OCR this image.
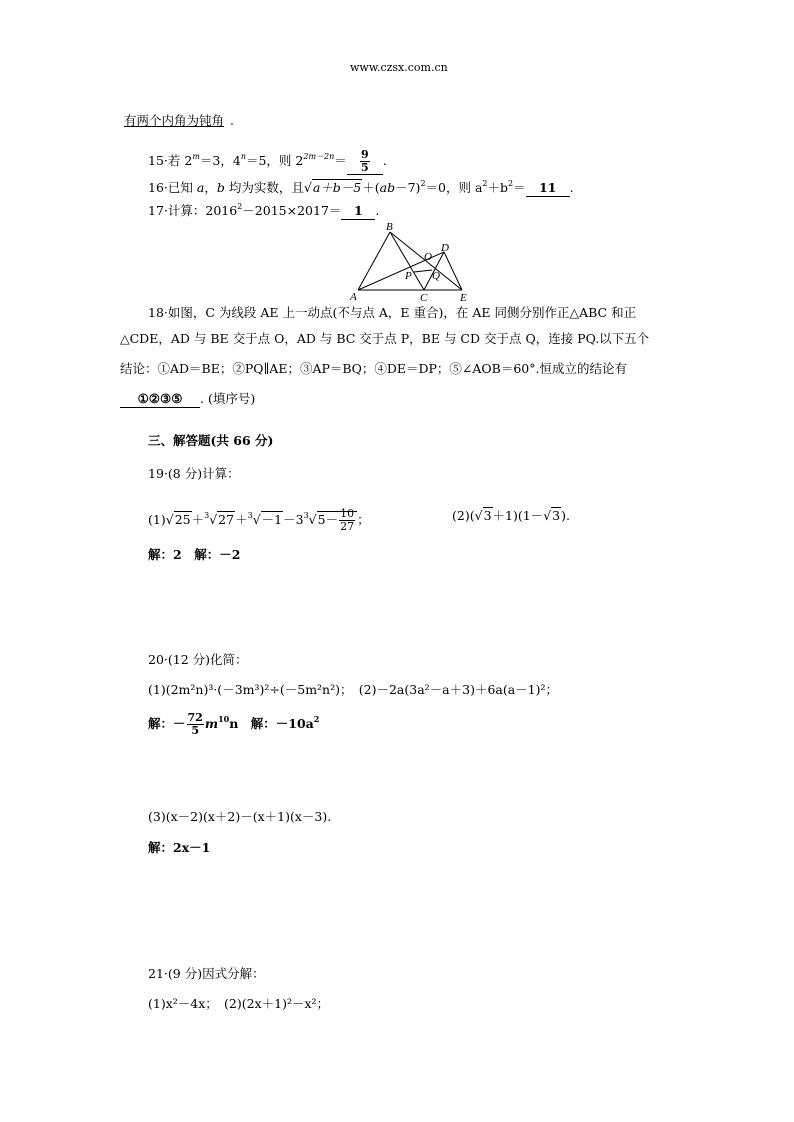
www.czsx.com.cn
有两个内角为钝角 .
15·若 $2^m=3$，$4^n=5$，则 $2^{2m-2n}= \frac{9}{5}$ .
16·已知 a，b 均为实数，且$√a+b-5+(ab-7)^2=0$，则 $a^2+b^2= 11$ .
17·计算：$2016^2-2015\times 2017= 1$ .
A
B
C
D
E
O
P Q
18·如图，C 为线段 AE 上一动点(不与点 A，E 重合)，在 AE 同侧分别作正△ABC 和正
△CDE，AD 与 BE 交于点 O，AD 与 BC 交于点 P，BE 与 CD 交于点 Q，连接 PQ.以下五个
结论：①AD＝BE；②PQ∥AE；③AP＝BQ；④DE＝DP；⑤∠AOB＝60°.恒成立的结论有
①②③⑤ . (填序号)
三、解答题(共 66 分)
19·(8 分)计算：
$(1)√25+^3√27+^3√-1-3^3√5- \frac{10}{27}$ ；	(2)(√3＋1)(1－√3).
解：2　解：－2
20·(12 分)化简：
(1)(2m²n)³·(－3m³)²÷(－5m²n²)；　 (2)－2a(3a²－a＋3)＋6a(a－1)²；
解：－ $\frac{72}{5} m^{10}n$　解：$-10a^2$
(3)(x－2)(x＋2)－(x＋1)(x－3).
解：2x－1
21·(9 分)因式分解：
(1)x²－4x；　 (2)(2x＋1)²－x²；
